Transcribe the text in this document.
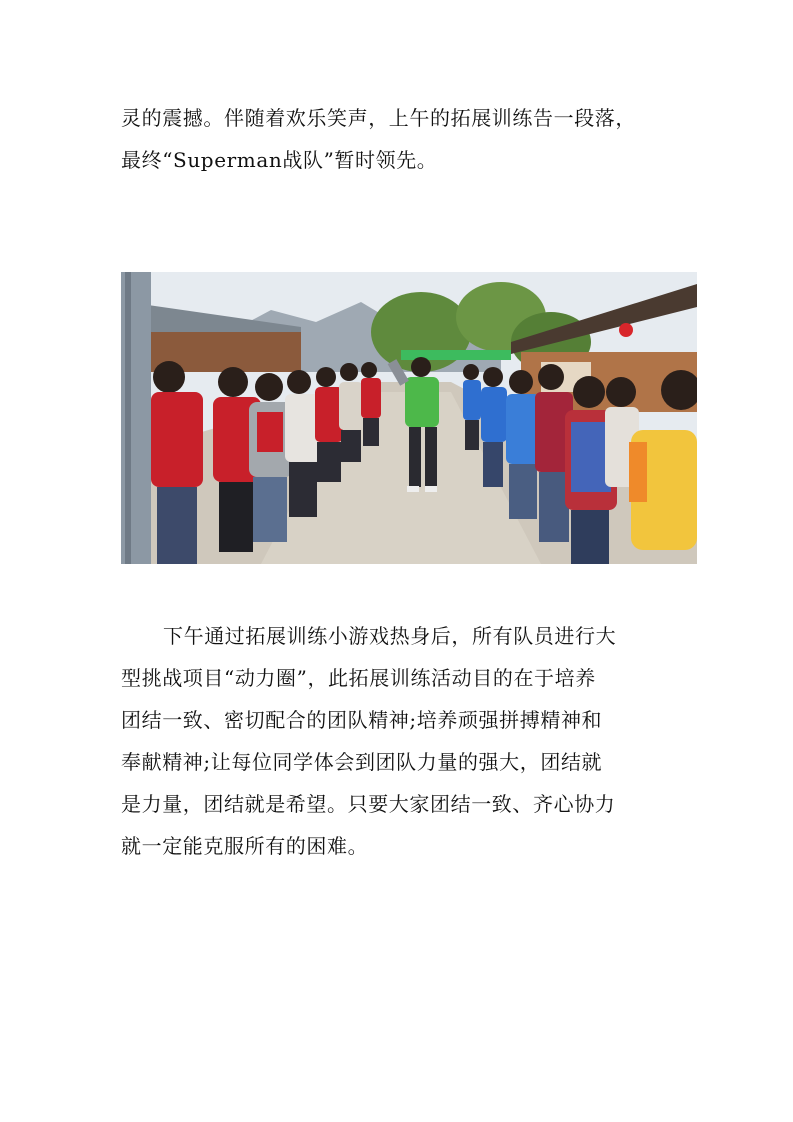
灵的震撼。伴随着欢乐笑声，上午的拓展训练告一段落，
最终“Superman战队”暂时领先。
下午通过拓展训练小游戏热身后，所有队员进行大
型挑战项目“动力圈”，此拓展训练活动目的在于培养
团结一致、密切配合的团队精神;培养顽强拼搏精神和
奉献精神;让每位同学体会到团队力量的强大，团结就
是力量，团结就是希望。只要大家团结一致、齐心协力
就一定能克服所有的困难。
